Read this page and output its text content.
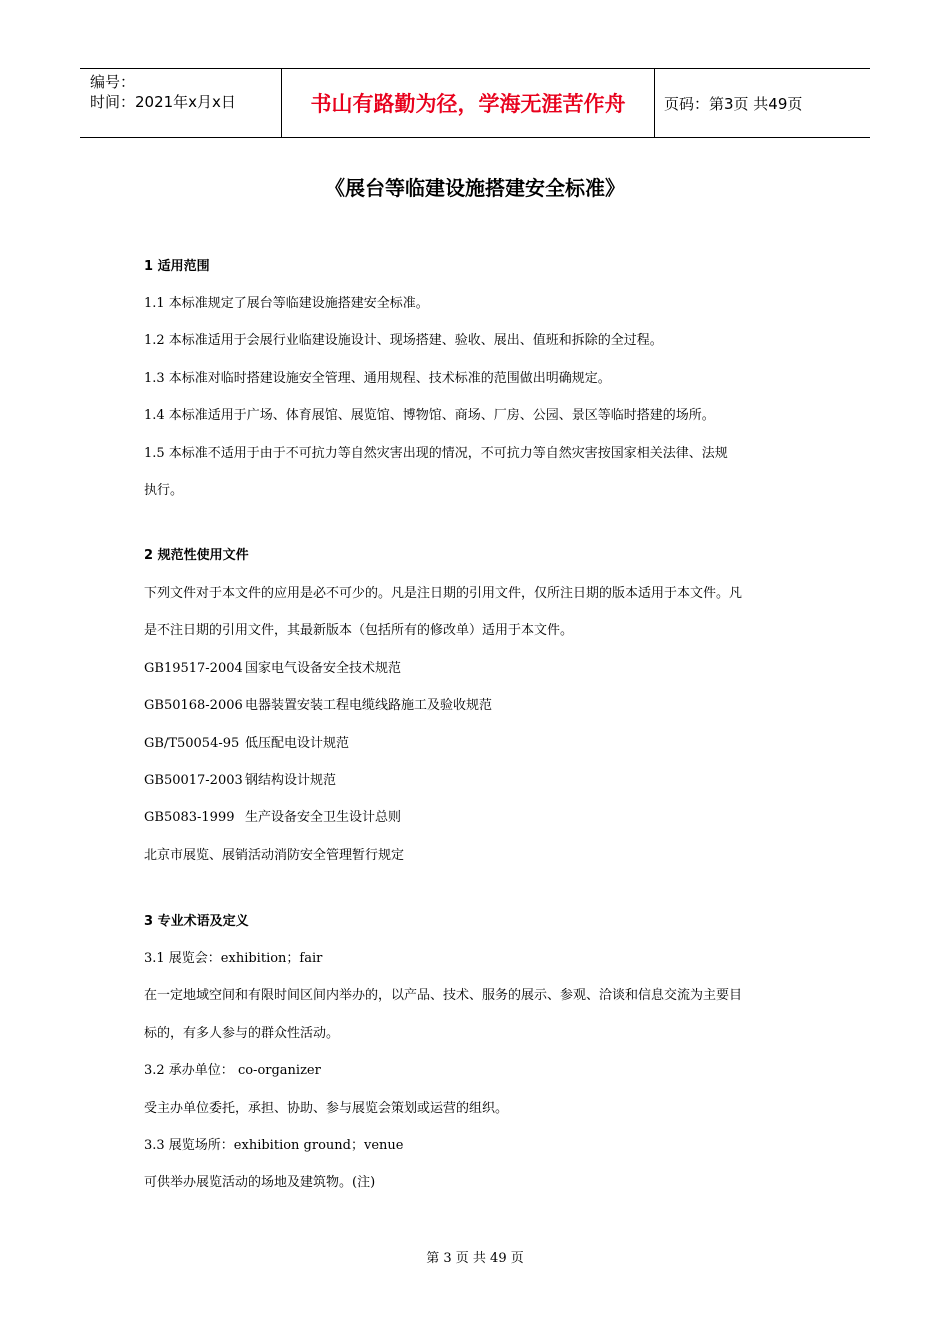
编号：
时间：2021年x月x日	书山有路勤为径，学海无涯苦作舟	页码：第3页 共49页
《展台等临建设施搭建安全标准》
1 适用范围
1.1 本标准规定了展台等临建设施搭建安全标准。
1.2 本标准适用于会展行业临建设施设计、现场搭建、验收、展出、值班和拆除的全过程。
1.3 本标准对临时搭建设施安全管理、通用规程、技术标准的范围做出明确规定。
1.4 本标准适用于广场、体育展馆、展览馆、博物馆、商场、厂房、公园、景区等临时搭建的场所。
1.5 本标准不适用于由于不可抗力等自然灾害出现的情况，不可抗力等自然灾害按国家相关法律、法规
执行。
2 规范性使用文件
下列文件对于本文件的应用是必不可少的。凡是注日期的引用文件，仅所注日期的版本适用于本文件。凡
是不注日期的引用文件，其最新版本（包括所有的修改单）适用于本文件。
GB19517-2004 国家电气设备安全技术规范
GB50168-2006 电器装置安装工程电缆线路施工及验收规范
GB/T50054-95 低压配电设计规范
GB50017-2003 钢结构设计规范
GB5083-1999 生产设备安全卫生设计总则
北京市展览、展销活动消防安全管理暂行规定
3 专业术语及定义
3.1 展览会：exhibition；fair
在一定地域空间和有限时间区间内举办的，以产品、技术、服务的展示、参观、洽谈和信息交流为主要目
标的，有多人参与的群众性活动。
3.2 承办单位： co-organizer
受主办单位委托，承担、协助、参与展览会策划或运营的组织。
3.3 展览场所：exhibition ground；venue
可供举办展览活动的场地及建筑物。(注)
第 3 页 共 49 页
